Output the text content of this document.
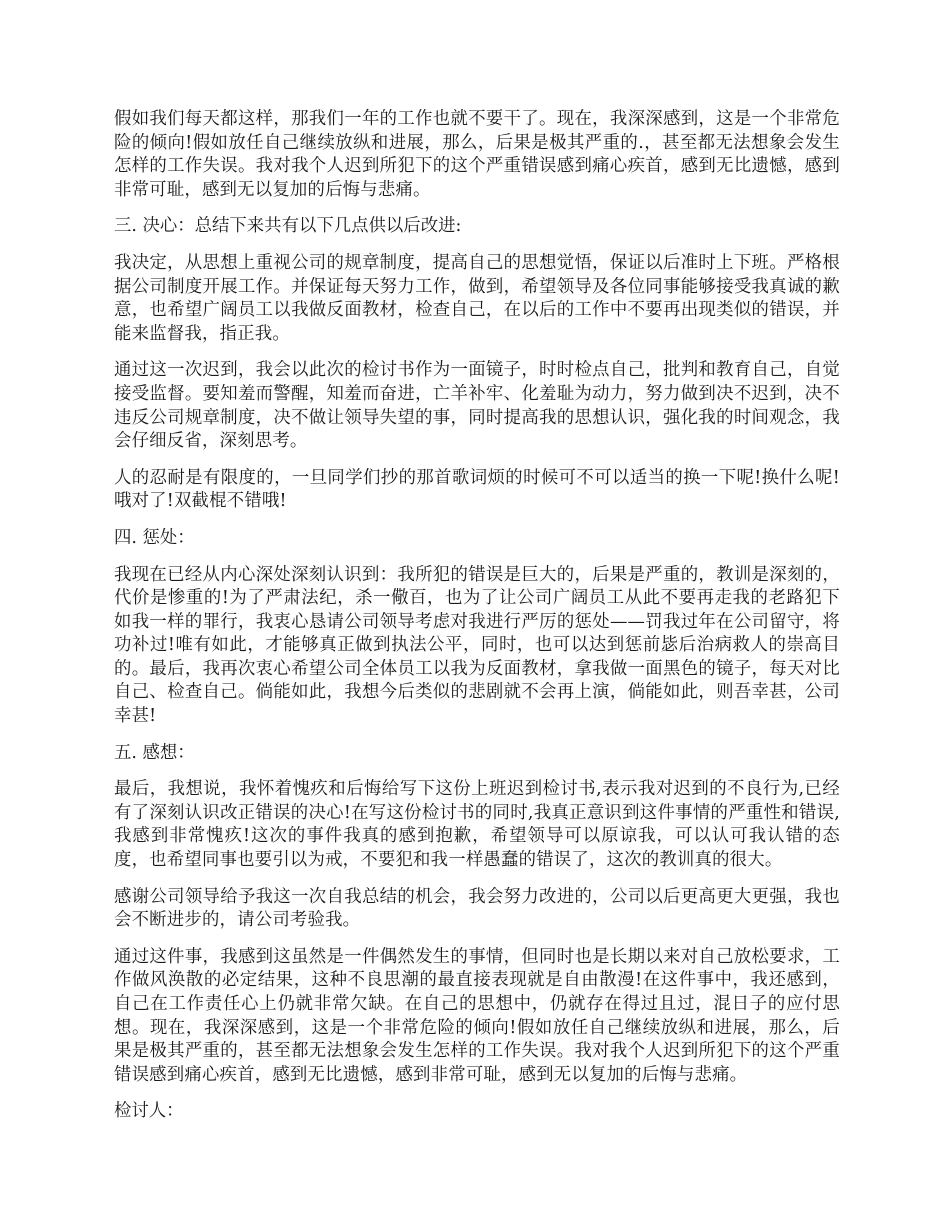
假如我们每天都这样，那我们一年的工作也就不要干了。现在，我深深感到，这是一个非常危险的倾向!假如放任自己继续放纵和进展，那么，后果是极其严重的.，甚至都无法想象会发生怎样的工作失误。我对我个人迟到所犯下的这个严重错误感到痛心疾首，感到无比遗憾，感到非常可耻，感到无以复加的后悔与悲痛。

三. 决心：总结下来共有以下几点供以后改进:

我决定，从思想上重视公司的规章制度，提高自己的思想觉悟，保证以后准时上下班。严格根据公司制度开展工作。并保证每天努力工作，做到，希望领导及各位同事能够接受我真诚的歉意，也希望广阔员工以我做反面教材，检查自己，在以后的工作中不要再出现类似的错误，并能来监督我，指正我。

通过这一次迟到，我会以此次的检讨书作为一面镜子，时时检点自己，批判和教育自己，自觉接受监督。要知羞而警醒，知羞而奋进，亡羊补牢、化羞耻为动力，努力做到决不迟到，决不违反公司规章制度，决不做让领导失望的事，同时提高我的思想认识，强化我的时间观念，我会仔细反省，深刻思考。

人的忍耐是有限度的，一旦同学们抄的那首歌词烦的时候可不可以适当的换一下呢!换什么呢!哦对了!双截棍不错哦!

四. 惩处：

我现在已经从内心深处深刻认识到：我所犯的错误是巨大的，后果是严重的，教训是深刻的，代价是惨重的!为了严肃法纪，杀一儆百，也为了让公司广阔员工从此不要再走我的老路犯下如我一样的罪行，我衷心恳请公司领导考虑对我进行严厉的惩处——罚我过年在公司留守，将功补过!唯有如此，才能够真正做到执法公平，同时，也可以达到惩前毖后治病救人的崇高目的。最后，我再次衷心希望公司全体员工以我为反面教材，拿我做一面黑色的镜子，每天对比自己、检查自己。倘能如此，我想今后类似的悲剧就不会再上演，倘能如此，则吾幸甚，公司幸甚!

五. 感想：

最后，我想说，我怀着愧疚和后悔给写下这份上班迟到检讨书,表示我对迟到的不良行为,已经有了深刻认识改正错误的决心!在写这份检讨书的同时,我真正意识到这件事情的严重性和错误,我感到非常愧疚!这次的事件我真的感到抱歉，希望领导可以原谅我，可以认可我认错的态度，也希望同事也要引以为戒，不要犯和我一样愚蠢的错误了，这次的教训真的很大。

感谢公司领导给予我这一次自我总结的机会，我会努力改进的，公司以后更高更大更强，我也会不断进步的，请公司考验我。

通过这件事，我感到这虽然是一件偶然发生的事情，但同时也是长期以来对自己放松要求，工作做风涣散的必定结果，这种不良思潮的最直接表现就是自由散漫!在这件事中，我还感到，自己在工作责任心上仍就非常欠缺。在自己的思想中，仍就存在得过且过，混日子的应付思想。现在，我深深感到，这是一个非常危险的倾向!假如放任自己继续放纵和进展，那么，后果是极其严重的，甚至都无法想象会发生怎样的工作失误。我对我个人迟到所犯下的这个严重错误感到痛心疾首，感到无比遗憾，感到非常可耻，感到无以复加的后悔与悲痛。

检讨人：
